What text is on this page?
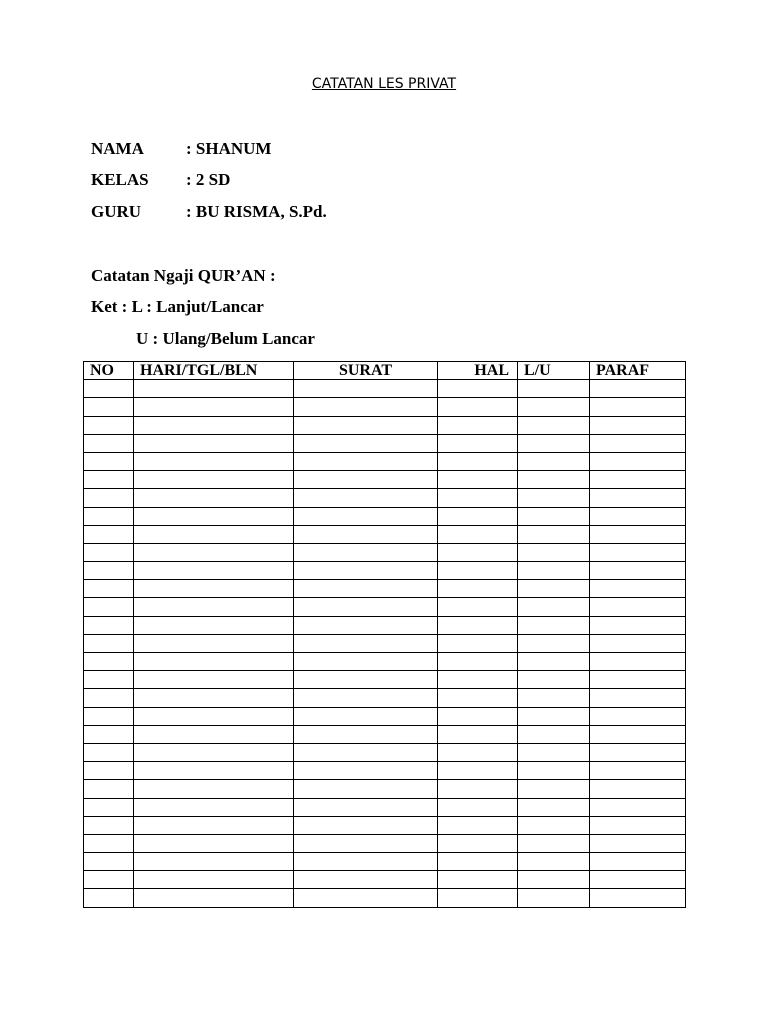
CATATAN LES PRIVAT
NAMA : SHANUM
KELAS : 2 SD
GURU	: BU RISMA, S.Pd.
Catatan Ngaji QUR’AN :
Ket : L : Lanjut/Lancar
U : Ulang/Belum Lancar
NO	HARI/TGL/BLN	SURAT	HAL	L/U	PARAF
